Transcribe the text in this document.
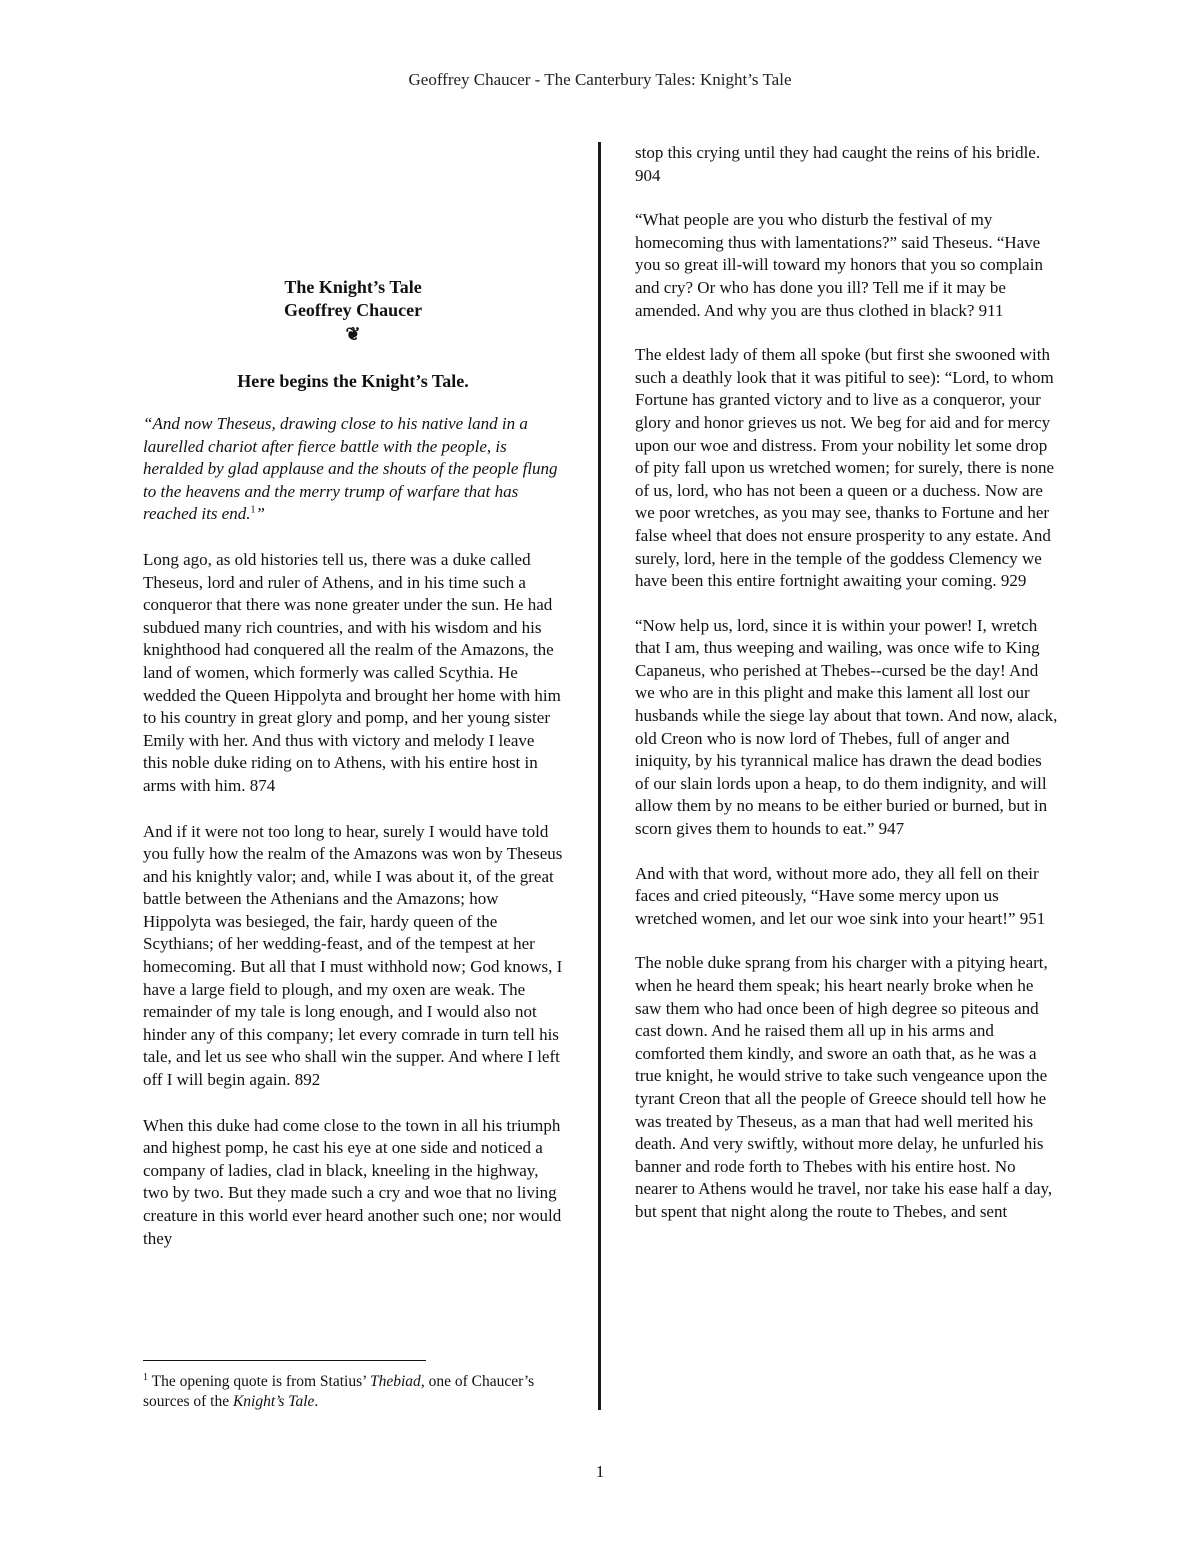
Geoffrey Chaucer - The Canterbury Tales: Knight’s Tale
The Knight’s Tale
Geoffrey Chaucer
❦
Here begins the Knight’s Tale.
“And now Theseus, drawing close to his native land in a laurelled chariot after fierce battle with the people, is heralded by glad applause and the shouts of the people flung to the heavens and the merry trump of warfare that has reached its end.$^1$”

Long ago, as old histories tell us, there was a duke called Theseus, lord and ruler of Athens, and in his time such a conqueror that there was none greater under the sun. He had subdued many rich countries, and with his wisdom and his knighthood had conquered all the realm of the Amazons, the land of women, which formerly was called Scythia. He wedded the Queen Hippolyta and brought her home with him to his country in great glory and pomp, and her young sister Emily with her. And thus with victory and melody I leave this noble duke riding on to Athens, with his entire host in arms with him. 874

And if it were not too long to hear, surely I would have told you fully how the realm of the Amazons was won by Theseus and his knightly valor; and, while I was about it, of the great battle between the Athenians and the Amazons; how Hippolyta was besieged, the fair, hardy queen of the Scythians; of her wedding-feast, and of the tempest at her homecoming. But all that I must withhold now; God knows, I have a large field to plough, and my oxen are weak. The remainder of my tale is long enough, and I would also not hinder any of this company; let every comrade in turn tell his tale, and let us see who shall win the supper. And where I left off I will begin again. 892

When this duke had come close to the town in all his triumph and highest pomp, he cast his eye at one side and noticed a company of ladies, clad in black, kneeling in the highway, two by two. But they made such a cry and woe that no living creature in this world ever heard another such one; nor would they

stop this crying until they had caught the reins of his bridle. 904

“What people are you who disturb the festival of my homecoming thus with lamentations?” said Theseus. “Have you so great ill-will toward my honors that you so complain and cry? Or who has done you ill? Tell me if it may be amended. And why you are thus clothed in black? 911

The eldest lady of them all spoke (but first she swooned with such a deathly look that it was pitiful to see): “Lord, to whom Fortune has granted victory and to live as a conqueror, your glory and honor grieves us not. We beg for aid and for mercy upon our woe and distress. From your nobility let some drop of pity fall upon us wretched women; for surely, there is none of us, lord, who has not been a queen or a duchess. Now are we poor wretches, as you may see, thanks to Fortune and her false wheel that does not ensure prosperity to any estate. And surely, lord, here in the temple of the goddess Clemency we have been this entire fortnight awaiting your coming. 929

“Now help us, lord, since it is within your power! I, wretch that I am, thus weeping and wailing, was once wife to King Capaneus, who perished at Thebes--cursed be the day! And we who are in this plight and make this lament all lost our husbands while the siege lay about that town. And now, alack, old Creon who is now lord of Thebes, full of anger and iniquity, by his tyrannical malice has drawn the dead bodies of our slain lords upon a heap, to do them indignity, and will allow them by no means to be either buried or burned, but in scorn gives them to hounds to eat.” 947

And with that word, without more ado, they all fell on their faces and cried piteously, “Have some mercy upon us wretched women, and let our woe sink into your heart!” 951

The noble duke sprang from his charger with a pitying heart, when he heard them speak; his heart nearly broke when he saw them who had once been of high degree so piteous and cast down. And he raised them all up in his arms and comforted them kindly, and swore an oath that, as he was a true knight, he would strive to take such vengeance upon the tyrant Creon that all the people of Greece should tell how he was treated by Theseus, as a man that had well merited his death. And very swiftly, without more delay, he unfurled his banner and rode forth to Thebes with his entire host. No nearer to Athens would he travel, nor take his ease half a day, but spent that night along the route to Thebes, and sent

$^1$ The opening quote is from Statius’ Thebiad, one of Chaucer’s sources of the Knight’s Tale.
1
